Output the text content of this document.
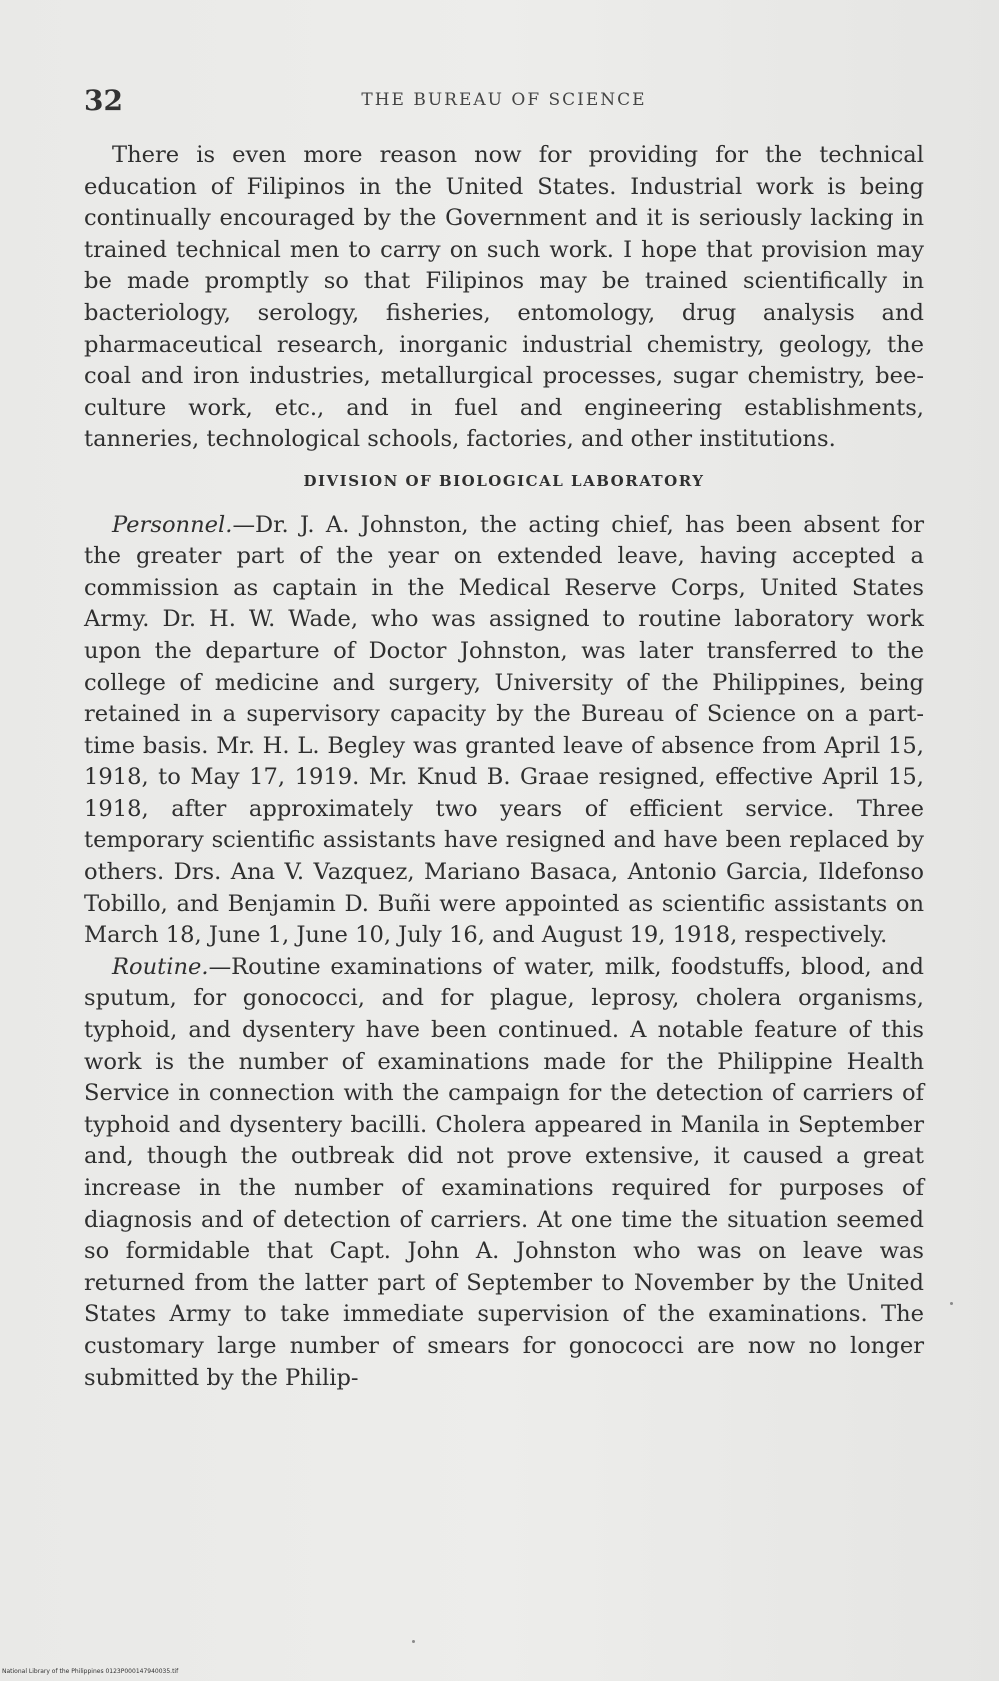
32	THE BUREAU OF SCIENCE

There is even more reason now for providing for the technical education of Filipinos in the United States. Industrial work is being continually encouraged by the Government and it is seriously lacking in trained technical men to carry on such work. I hope that provision may be made promptly so that Filipinos may be trained scientifically in bacteriology, serology, fisheries, entomology, drug analysis and pharmaceutical research, inorganic industrial chemistry, geology, the coal and iron industries, metallurgical processes, sugar chemistry, bee-culture work, etc., and in fuel and engineering establishments, tanneries, technological schools, factories, and other institutions.

DIVISION OF BIOLOGICAL LABORATORY

Personnel.—Dr. J. A. Johnston, the acting chief, has been absent for the greater part of the year on extended leave, having accepted a commission as captain in the Medical Reserve Corps, United States Army. Dr. H. W. Wade, who was assigned to routine laboratory work upon the departure of Doctor Johnston, was later transferred to the college of medicine and surgery, University of the Philippines, being retained in a supervisory capacity by the Bureau of Science on a part-time basis. Mr. H. L. Begley was granted leave of absence from April 15, 1918, to May 17, 1919. Mr. Knud B. Graae resigned, effective April 15, 1918, after approximately two years of efficient service. Three temporary scientific assistants have resigned and have been replaced by others. Drs. Ana V. Vazquez, Mariano Basaca, Antonio Garcia, Ildefonso Tobillo, and Benjamin D. Buñi were appointed as scientific assistants on March 18, June 1, June 10, July 16, and August 19, 1918, respectively.

Routine.—Routine examinations of water, milk, foodstuffs, blood, and sputum, for gonococci, and for plague, leprosy, cholera organisms, typhoid, and dysentery have been continued. A notable feature of this work is the number of examinations made for the Philippine Health Service in connection with the campaign for the detection of carriers of typhoid and dysentery bacilli. Cholera appeared in Manila in September and, though the outbreak did not prove extensive, it caused a great increase in the number of examinations required for purposes of diagnosis and of detection of carriers. At one time the situation seemed so formidable that Capt. John A. Johnston who was on leave was returned from the latter part of September to November by the United States Army to take immediate supervision of the examinations. The customary large number of smears for gonococci are now no longer submitted by the Philip-

National Library of the Philippines 0123P000147940035.tif
